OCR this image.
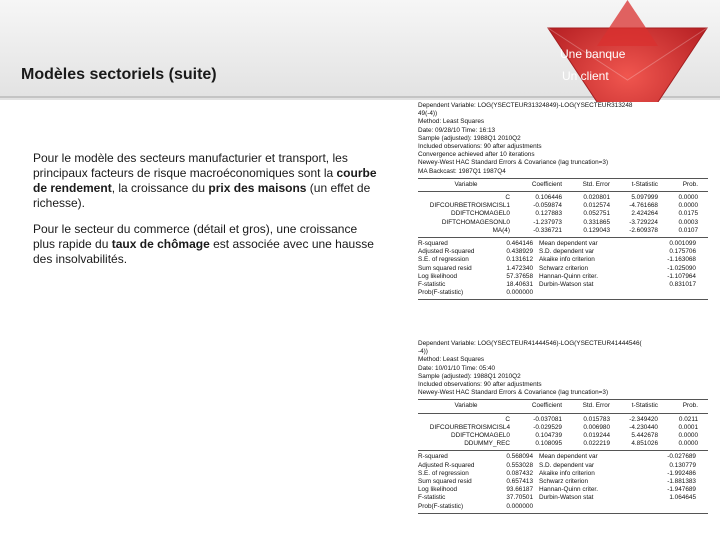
Une banque
Un client
Modèles sectoriels (suite)
Pour le modèle des secteurs manufacturier et transport, les principaux facteurs de risque macroéconomiques sont la courbe de rendement, la croissance du prix des maisons (un effet de richesse).
Pour le secteur du commerce (détail et gros), une croissance plus rapide du taux de chômage est associée avec une hausse des insolvabilités.
Dependent Variable: LOG(YSECTEUR31324849)-LOG(YSECTEUR313248
49(-4))
Method: Least Squares
Date: 09/28/10 Time: 16:13
Sample (adjusted): 1988Q1 2010Q2
Included observations: 90 after adjustments
Convergence achieved after 10 iterations
Newey-West HAC Standard Errors & Covariance (lag truncation=3)
MA Backcast: 1987Q1 1987Q4
Variable	Coefficient	Std. Error	t-Statistic	Prob.
C	0.106446	0.020801	5.097999	0.0000
DIFCOURBETROISMCISL1	-0.059874	0.012574	-4.761668	0.0000
DDIFTCHOMAGEL0	0.127883	0.052751	2.424264	0.0175
DIFTCHOMAGESONL0	-1.237973	0.331865	-3.729224	0.0003
MA(4)	-0.336721	0.129043	-2.609378	0.0107
R-squared	0.464146 Mean dependent var	0.001099
Adjusted R-squared	0.438929 S.D. dependent var	0.175706
S.E. of regression	0.131612 Akaike info criterion	-1.163068
Sum squared resid	1.472340 Schwarz criterion	-1.025090
Log likelihood	57.37658 Hannan-Quinn criter.	-1.107964
F-statistic	18.40631 Durbin-Watson stat	0.831017
Prob(F-statistic)	0.000000
Dependent Variable: LOG(YSECTEUR41444546)-LOG(YSECTEUR41444546(
-4))
Method: Least Squares
Date: 10/01/10 Time: 05:40
Sample (adjusted): 1988Q1 2010Q2
Included observations: 90 after adjustments
Newey-West HAC Standard Errors & Covariance (lag truncation=3)
Variable	Coefficient	Std. Error	t-Statistic	Prob.
C	-0.037081	0.015783	-2.349420	0.0211
DIFCOURBETROISMCISL4	-0.029529	0.006980	-4.230440	0.0001
DDIFTCHOMAGEL0	0.104739	0.019244	5.442678	0.0000
DDUMMY_REC	0.108095	0.022219	4.851026	0.0000
R-squared	0.568094 Mean dependent var	-0.027689
Adjusted R-squared	0.553028 S.D. dependent var	0.130779
S.E. of regression	0.087432 Akaike info criterion	-1.992486
Sum squared resid	0.657413 Schwarz criterion	-1.881383
Log likelihood	93.66187 Hannan-Quinn criter.	-1.947689
F-statistic	37.70501 Durbin-Watson stat	1.064645
Prob(F-statistic)	0.000000
